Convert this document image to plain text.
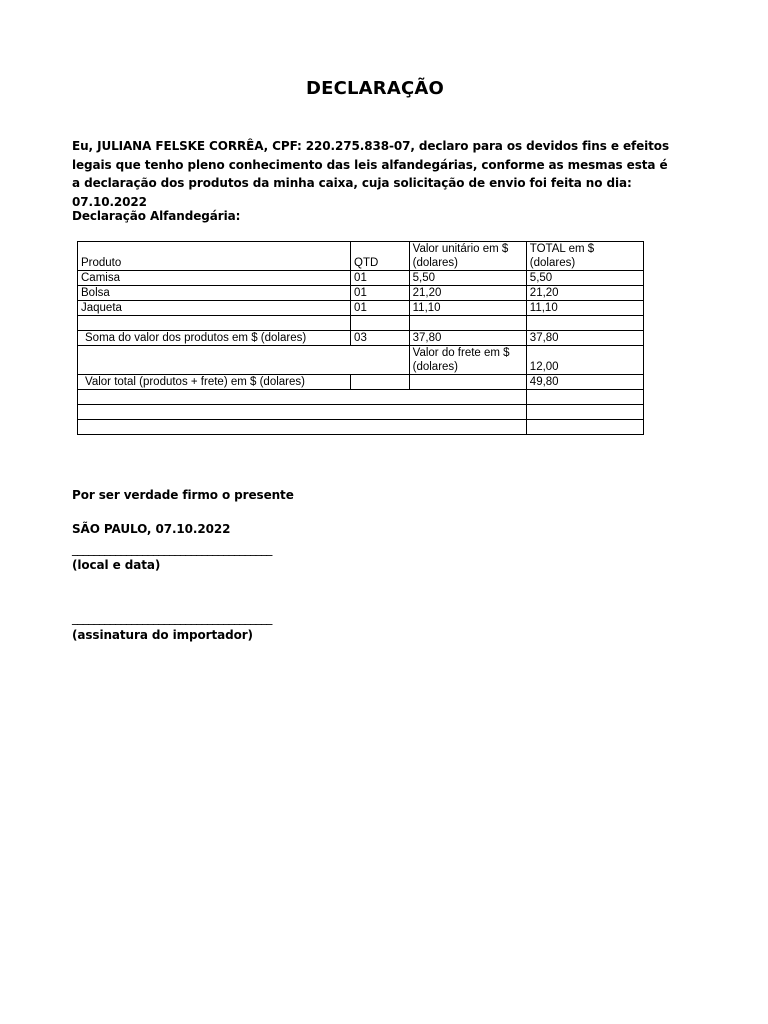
DECLARAÇÃO
Eu, JULIANA FELSKE CORRÊA, CPF: 220.275.838-07, declaro para os devidos fins e efeitos legais que tenho pleno conhecimento das leis alfandegárias, conforme as mesmas esta é a declaração dos produtos da minha caixa, cuja solicitação de envio foi feita no dia: 07.10.2022
Declaração Alfandegária:
Produto	QTD	Valor unitário em $ (dolares)	TOTAL em $ (dolares)
Camisa	01	5,50	5,50
Bolsa	01	21,20	21,20
Jaqueta	01	11,10	11,10

Soma do valor dos produtos em $ (dolares)	03	37,80	37,80
		Valor do frete em $ (dolares)	12,00
Valor total (produtos + frete) em $ (dolares)			49,80

Por ser verdade firmo o presente
SÃO PAULO, 07.10.2022
_____________________________________
(local e data)
_____________________________________
(assinatura do importador)
